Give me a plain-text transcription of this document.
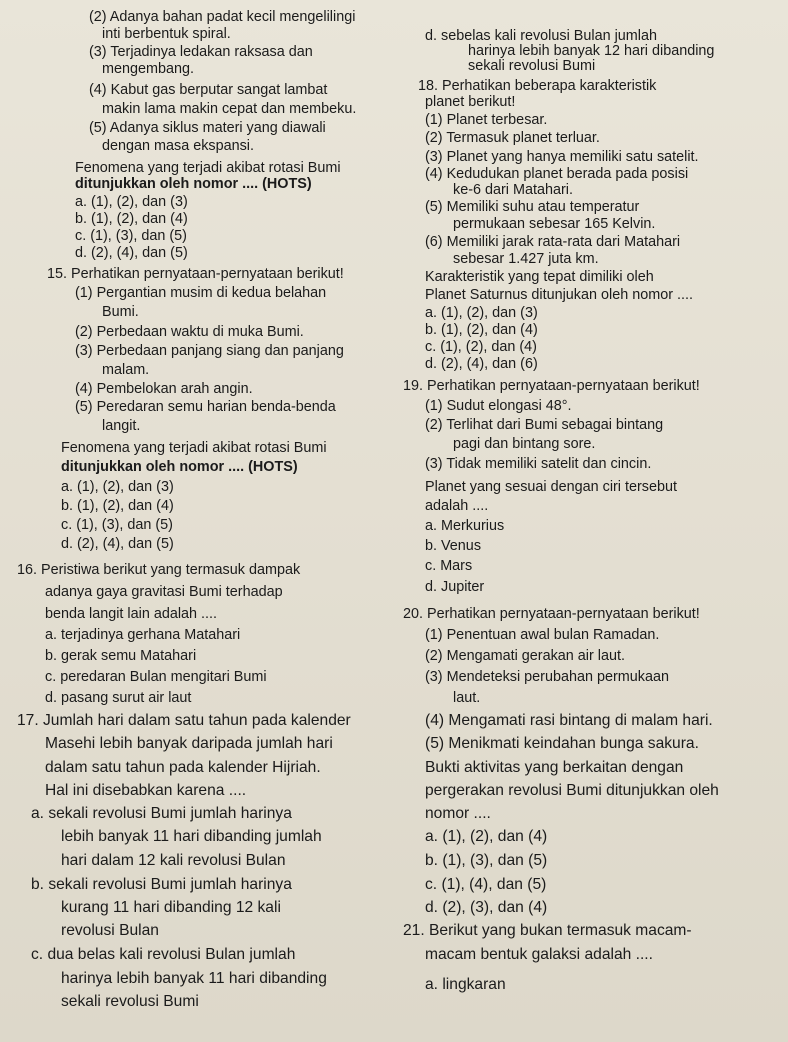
(2) Adanya bahan padat kecil mengelilingi
inti berbentuk spiral.
(3) Terjadinya ledakan raksasa dan
mengembang.
(4) Kabut gas berputar sangat lambat
makin lama makin cepat dan membeku.
(5) Adanya siklus materi yang diawali
dengan masa ekspansi.
Fenomena yang terjadi akibat rotasi Bumi
ditunjukkan oleh nomor .... (HOTS)
a. (1), (2), dan (3)
b. (1), (2), dan (4)
c. (1), (3), dan (5)
d. (2), (4), dan (5)
15. Perhatikan pernyataan-pernyataan berikut!
(1) Pergantian musim di kedua belahan
Bumi.
(2) Perbedaan waktu di muka Bumi.
(3) Perbedaan panjang siang dan panjang
malam.
(4) Pembelokan arah angin.
(5) Peredaran semu harian benda-benda
langit.
Fenomena yang terjadi akibat rotasi Bumi
ditunjukkan oleh nomor .... (HOTS)
a. (1), (2), dan (3)
b. (1), (2), dan (4)
c. (1), (3), dan (5)
d. (2), (4), dan (5)
16. Peristiwa berikut yang termasuk dampak
adanya gaya gravitasi Bumi terhadap
benda langit lain adalah ....
a. terjadinya gerhana Matahari
b. gerak semu Matahari
c. peredaran Bulan mengitari Bumi
d. pasang surut air laut
17. Jumlah hari dalam satu tahun pada kalender
Masehi lebih banyak daripada jumlah hari
dalam satu tahun pada kalender Hijriah.
Hal ini disebabkan karena ....
a. sekali revolusi Bumi jumlah harinya
lebih banyak 11 hari dibanding jumlah
hari dalam 12 kali revolusi Bulan
b. sekali revolusi Bumi jumlah harinya
kurang 11 hari dibanding 12 kali
revolusi Bulan
c. dua belas kali revolusi Bulan jumlah
harinya lebih banyak 11 hari dibanding
sekali revolusi Bumi
d. sebelas kali revolusi Bulan jumlah
harinya lebih banyak 12 hari dibanding
sekali revolusi Bumi
18. Perhatikan beberapa karakteristik
planet berikut!
(1) Planet terbesar.
(2) Termasuk planet terluar.
(3) Planet yang hanya memiliki satu satelit.
(4) Kedudukan planet berada pada posisi
ke-6 dari Matahari.
(5) Memiliki suhu atau temperatur
permukaan sebesar 165 Kelvin.
(6) Memiliki jarak rata-rata dari Matahari
sebesar 1.427 juta km.
Karakteristik yang tepat dimiliki oleh
Planet Saturnus ditunjukan oleh nomor ....
a. (1), (2), dan (3)
b. (1), (2), dan (4)
c. (1), (2), dan (4)
d. (2), (4), dan (6)
19. Perhatikan pernyataan-pernyataan berikut!
(1) Sudut elongasi 48°.
(2) Terlihat dari Bumi sebagai bintang
pagi dan bintang sore.
(3) Tidak memiliki satelit dan cincin.
Planet yang sesuai dengan ciri tersebut
adalah ....
a. Merkurius
b. Venus
c. Mars
d. Jupiter
20. Perhatikan pernyataan-pernyataan berikut!
(1) Penentuan awal bulan Ramadan.
(2) Mengamati gerakan air laut.
(3) Mendeteksi perubahan permukaan
laut.
(4) Mengamati rasi bintang di malam hari.
(5) Menikmati keindahan bunga sakura.
Bukti aktivitas yang berkaitan dengan
pergerakan revolusi Bumi ditunjukkan oleh
nomor ....
a. (1), (2), dan (4)
b. (1), (3), dan (5)
c. (1), (4), dan (5)
d. (2), (3), dan (4)
21. Berikut yang bukan termasuk macam-
macam bentuk galaksi adalah ....
a. lingkaran
